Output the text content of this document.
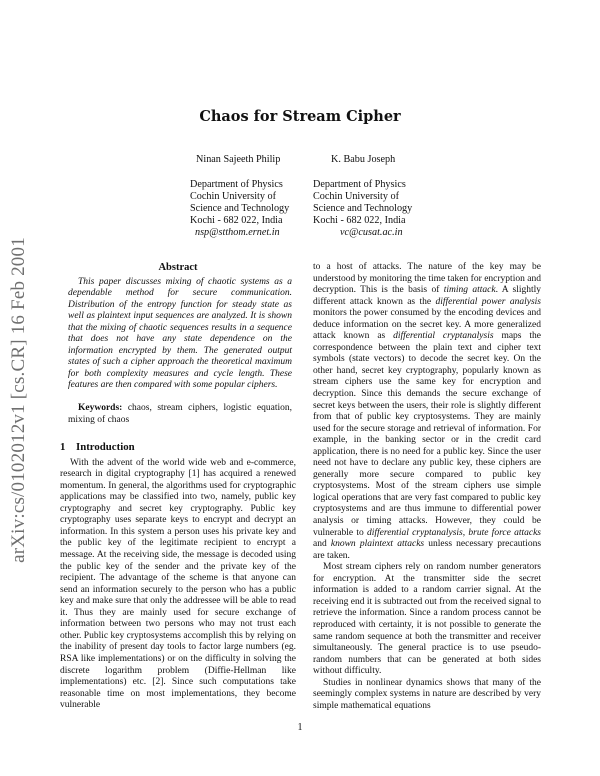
arXiv:cs/0102012v1 [cs.CR] 16 Feb 2001
Chaos for Stream Cipher
Ninan Sajeeth Philip
Department of Physics
Cochin University of
Science and Technology
Kochi - 682 022, India
nsp@stthom.ernet.in
K. Babu Joseph
Department of Physics
Cochin University of
Science and Technology
Kochi - 682 022, India
vc@cusat.ac.in
Abstract
This paper discusses mixing of chaotic systems as a dependable method for secure communication. Distribution of the entropy function for steady state as well as plaintext input sequences are analyzed. It is shown that the mixing of chaotic sequences results in a sequence that does not have any state dependence on the information encrypted by them. The generated output states of such a cipher approach the theoretical maximum for both complexity measures and cycle length. These features are then compared with some popular ciphers.
Keywords: chaos, stream ciphers, logistic equation, mixing of chaos
1 Introduction

With the advent of the world wide web and e-commerce, research in digital cryptography [1] has acquired a renewed momentum. In general, the algorithms used for cryptographic applications may be classified into two, namely, public key cryptography and secret key cryptography. Public key cryptography uses separate keys to encrypt and decrypt an information. In this system a person uses his private key and the public key of the legitimate recipient to encrypt a message. At the receiving side, the message is decoded using the public key of the sender and the private key of the recipient. The advantage of the scheme is that anyone can send an information securely to the person who has a public key and make sure that only the addressee will be able to read it. Thus they are mainly used for secure exchange of information between two persons who may not trust each other. Public key cryptosystems accomplish this by relying on the inability of present day tools to factor large numbers (eg. RSA like implementations) or on the difficulty in solving the discrete logarithm problem (Diffie-Hellman like implementations) etc. [2]. Since such computations take reasonable time on most implementations, they become vulnerable

to a host of attacks. The nature of the key may be understood by monitoring the time taken for encryption and decryption. This is the basis of timing attack. A slightly different attack known as the differential power analysis monitors the power consumed by the encoding devices and deduce information on the secret key. A more generalized attack known as differential cryptanalysis maps the correspondence between the plain text and cipher text symbols (state vectors) to decode the secret key. On the other hand, secret key cryptography, popularly known as stream ciphers use the same key for encryption and decryption. Since this demands the secure exchange of secret keys between the users, their role is slightly different from that of public key cryptosystems. They are mainly used for the secure storage and retrieval of information. For example, in the banking sector or in the credit card application, there is no need for a public key. Since the user need not have to declare any public key, these ciphers are generally more secure compared to public key cryptosystems. Most of the stream ciphers use simple logical operations that are very fast compared to public key cryptosystems and are thus immune to differential power analysis or timing attacks. However, they could be vulnerable to differential cryptanalysis, brute force attacks and known plaintext attacks unless necessary precautions are taken.

Most stream ciphers rely on random number generators for encryption. At the transmitter side the secret information is added to a random carrier signal. At the receiving end it is subtracted out from the received signal to retrieve the information. Since a random process cannot be reproduced with certainty, it is not possible to generate the same random sequence at both the transmitter and receiver simultaneously. The general practice is to use pseudo-random numbers that can be generated at both sides without difficulty.

Studies in nonlinear dynamics shows that many of the seemingly complex systems in nature are described by very simple mathematical equations

1
